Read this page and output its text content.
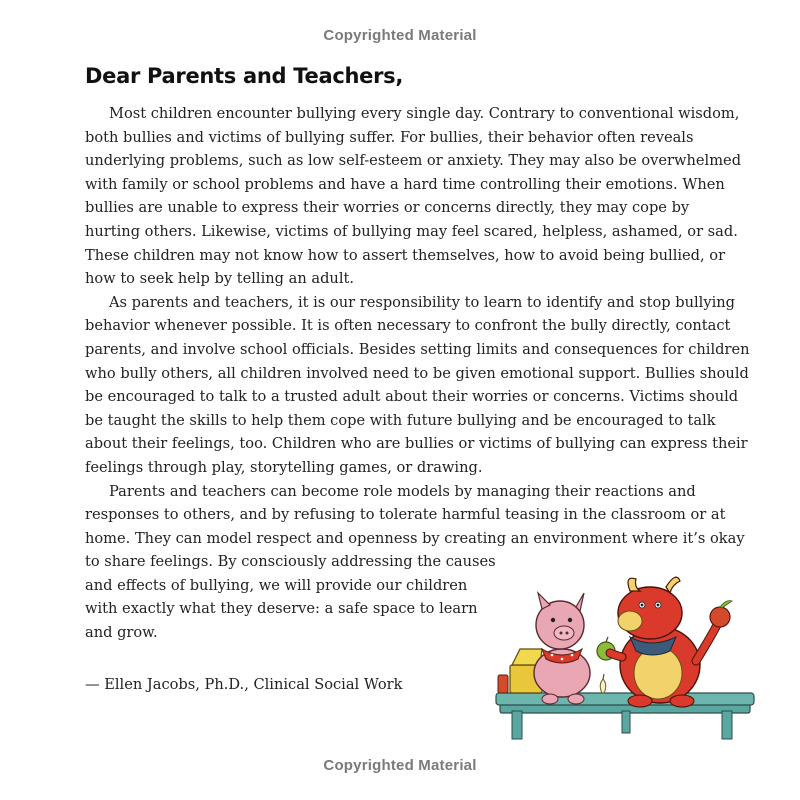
Copyrighted Material
Dear Parents and Teachers,
Most children encounter bullying every single day. Contrary to conventional wisdom,
both bullies and victims of bullying suffer. For bullies, their behavior often reveals
underlying problems, such as low self-esteem or anxiety. They may also be overwhelmed
with family or school problems and have a hard time controlling their emotions. When
bullies are unable to express their worries or concerns directly, they may cope by
hurting others. Likewise, victims of bullying may feel scared, helpless, ashamed, or sad.
These children may not know how to assert themselves, how to avoid being bullied, or
how to seek help by telling an adult.
As parents and teachers, it is our responsibility to learn to identify and stop bullying
behavior whenever possible. It is often necessary to confront the bully directly, contact
parents, and involve school officials. Besides setting limits and consequences for children
who bully others, all children involved need to be given emotional support. Bullies should
be encouraged to talk to a trusted adult about their worries or concerns. Victims should
be taught the skills to help them cope with future bullying and be encouraged to talk
about their feelings, too. Children who are bullies or victims of bullying can express their
feelings through play, storytelling games, or drawing.
Parents and teachers can become role models by managing their reactions and
responses to others, and by refusing to tolerate harmful teasing in the classroom or at
home. They can model respect and openness by creating an environment where it’s okay
to share feelings. By consciously addressing the causes
and effects of bullying, we will provide our children
with exactly what they deserve: a safe space to learn
and grow.
— Ellen Jacobs, Ph.D., Clinical Social Work
Copyrighted Material
